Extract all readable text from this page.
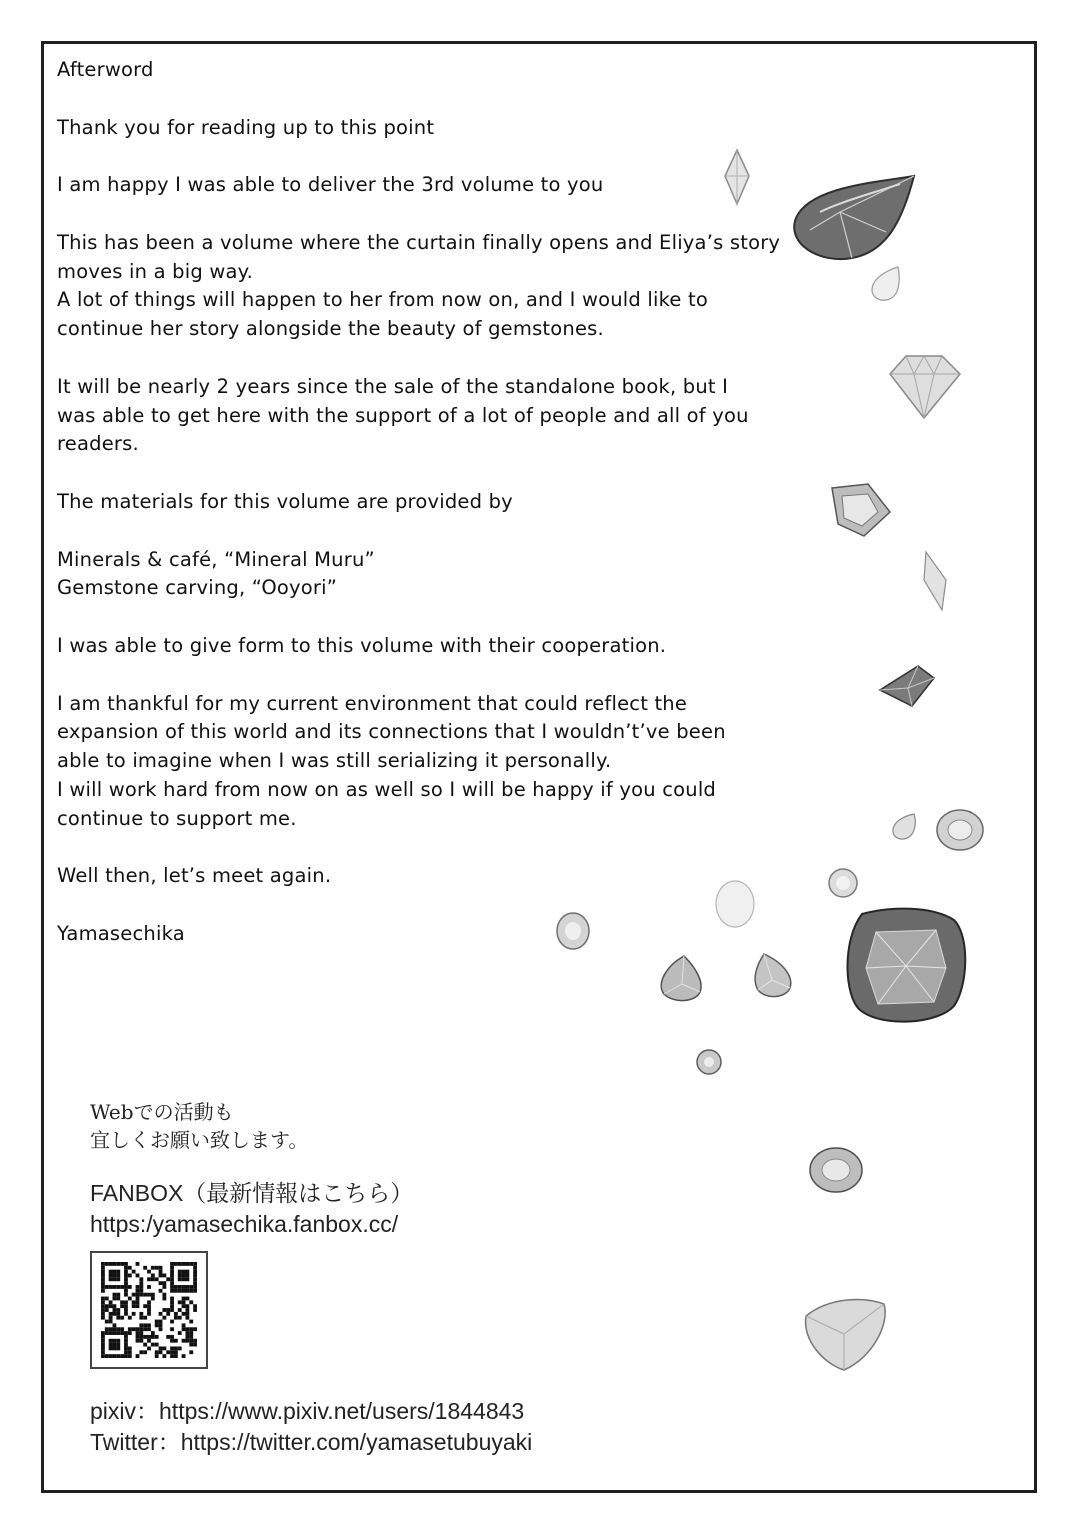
Afterword
Thank you for reading up to this point
I am happy I was able to deliver the 3rd volume to you
This has been a volume where the curtain finally opens and Eliya’s story
moves in a big way.
A lot of things will happen to her from now on, and I would like to
continue her story alongside the beauty of gemstones.
It will be nearly 2 years since the sale of the standalone book, but I
was able to get here with the support of a lot of people and all of you
readers.
The materials for this volume are provided by
Minerals & café, “Mineral Muru”
Gemstone carving, “Ooyori”
I was able to give form to this volume with their cooperation.
I am thankful for my current environment that could reflect the
expansion of this world and its connections that I wouldn’t’ve been
able to imagine when I was still serializing it personally.
I will work hard from now on as well so I will be happy if you could
continue to support me.
Well then, let’s meet again.
Yamasechika
Webでの活動も
宜しくお願い致します。
FANBOX（最新情報はこちら）
https:/yamasechika.fanbox.cc/
pixiv：https://www.pixiv.net/users/1844843
Twitter：https://twitter.com/yamasetubuyaki
